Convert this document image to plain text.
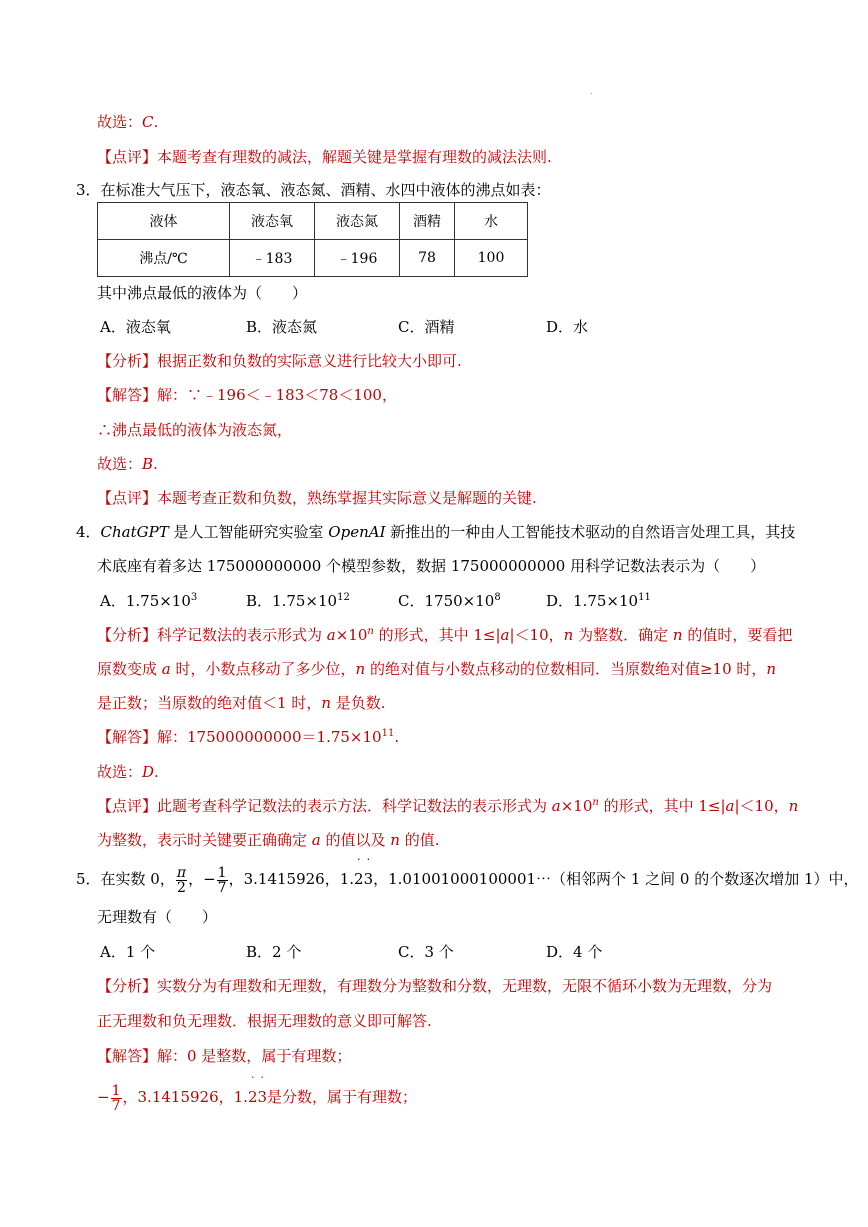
.
故选：C.
【点评】本题考查有理数的减法，解题关键是掌握有理数的减法法则.
3．在标准大气压下，液态氧、液态氮、酒精、水四中液体的沸点如表：
液体	液态氧	液态氮	酒精	水
沸点/℃	﹣183	﹣196	78	100
其中沸点最低的液体为（　　）
A．液态氧	B．液态氮	C．酒精	D．水
【分析】根据正数和负数的实际意义进行比较大小即可.
【解答】解：∵﹣196＜﹣183＜78＜100，
∴沸点最低的液体为液态氮，
故选：B.
【点评】本题考查正数和负数，熟练掌握其实际意义是解题的关键.
4．ChatGPT 是人工智能研究实验室 OpenAI 新推出的一种由人工智能技术驱动的自然语言处理工具，其技
术底座有着多达 175000000000 个模型参数，数据 175000000000 用科学记数法表示为（　　）
A．$1.75\times 10^3$	B．$1.75\times 10^{12}$	C．$1750\times 10^8$	D．$1.75\times 10^{11}$
【分析】科学记数法的表示形式为 $a\times 10^n$ 的形式，其中 1≤|a|＜10，n 为整数．确定 n 的值时，要看把
原数变成 a 时，小数点移动了多少位，n 的绝对值与小数点移动的位数相同．当原数绝对值≥10 时，n
是正数；当原数的绝对值＜1 时，n 是负数.
【解答】解：$175000000000=1.75\times 10^{11}$.
故选：D.
【点评】此题考查科学记数法的表示方法．科学记数法的表示形式为 $a\times 10^n$ 的形式，其中 1≤|a|＜10，n
为整数，表示时关键要正确确定 a 的值以及 n 的值.
5．在实数 0， $\frac{\pi}{2}$ ，− $\frac{1}{7}$ ，3.1415926，1.
·
2
·
3，1.01001000100001⋯（相邻两个 1 之间 0 的个数逐次增加 1）中，
无理数有（　　）
A．1 个	B．2 个	C．3 个	D．4 个
【分析】实数分为有理数和无理数，有理数分为整数和分数，无理数，无限不循环小数为无理数，分为
正无理数和负无理数．根据无理数的意义即可解答.
【解答】解：0 是整数，属于有理数；
− $\frac{1}{7}$ ，3.1415926，1.
·
2
·
3是分数，属于有理数；
